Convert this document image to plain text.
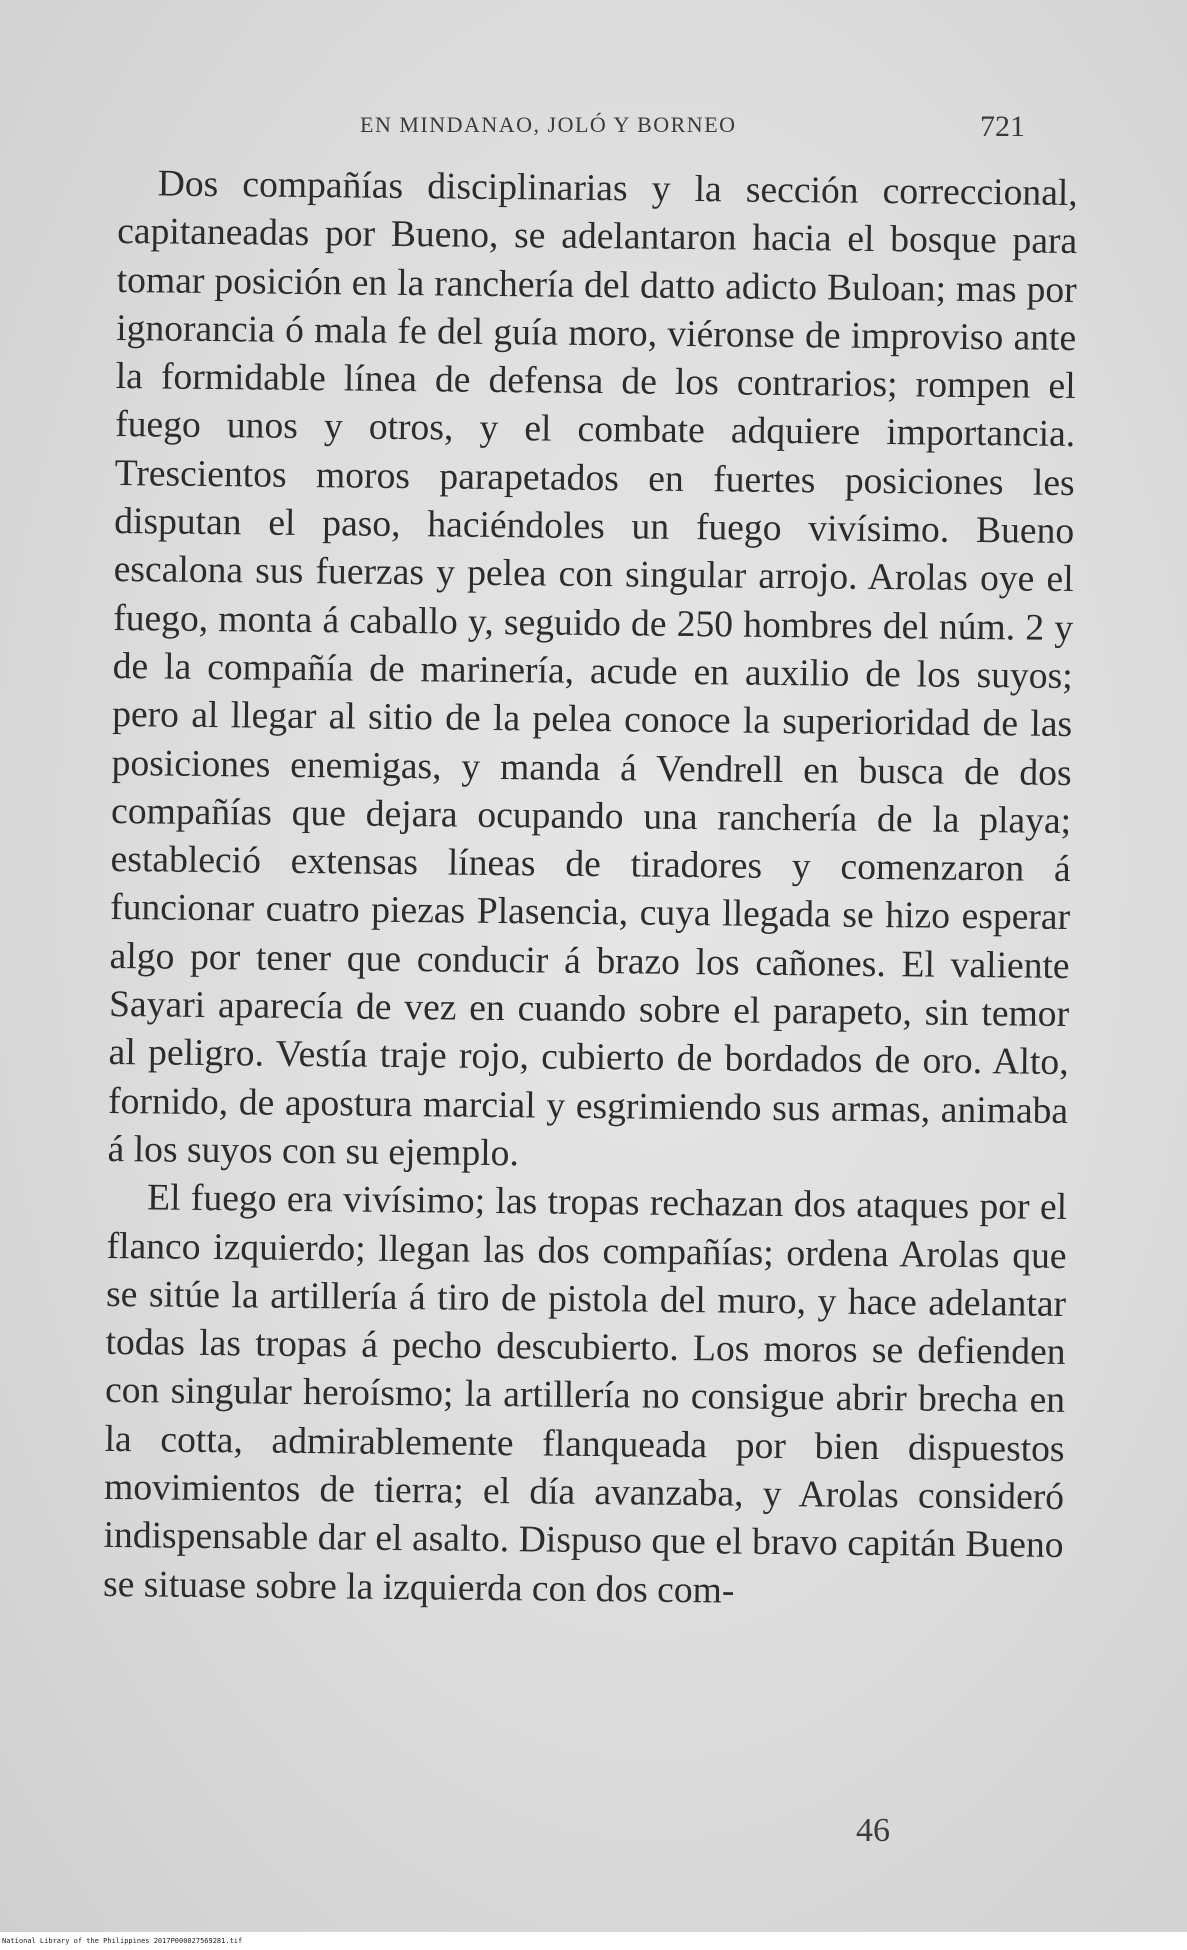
EN MINDANAO, JOLÓ Y BORNEO	721

Dos compañías disciplinarias y la sección correccional, capitaneadas por Bueno, se adelantaron hacia el bosque para tomar posición en la ranchería del datto adicto Buloan; mas por ignorancia ó mala fe del guía moro, viéronse de improviso ante la formidable línea de defensa de los contrarios; rompen el fuego unos y otros, y el combate adquiere importancia. Trescientos moros parapetados en fuertes posiciones les disputan el paso, haciéndoles un fuego vivísimo. Bueno escalona sus fuerzas y pelea con singular arrojo. Arolas oye el fuego, monta á caballo y, seguido de 250 hombres del núm. 2 y de la compañía de marinería, acude en auxilio de los suyos; pero al llegar al sitio de la pelea conoce la superioridad de las posiciones enemigas, y manda á Vendrell en busca de dos compañías que dejara ocupando una ranchería de la playa; estableció extensas líneas de tiradores y comenzaron á funcionar cuatro piezas Plasencia, cuya llegada se hizo esperar algo por tener que conducir á brazo los cañones. El valiente Sayari aparecía de vez en cuando sobre el parapeto, sin temor al peligro. Vestía traje rojo, cubierto de bordados de oro. Alto, fornido, de apostura marcial y esgrimiendo sus armas, animaba á los suyos con su ejemplo.

El fuego era vivísimo; las tropas rechazan dos ataques por el flanco izquierdo; llegan las dos compañías; ordena Arolas que se sitúe la artillería á tiro de pistola del muro, y hace adelantar todas las tropas á pecho descubierto. Los moros se defienden con singular heroísmo; la artillería no consigue abrir brecha en la cotta, admirablemente flanqueada por bien dispuestos movimientos de tierra; el día avanzaba, y Arolas consideró indispensable dar el asalto. Dispuso que el bravo capitán Bueno se situase sobre la izquierda con dos com-

46
National Library of the Philippines 2017P000027569281.tif
